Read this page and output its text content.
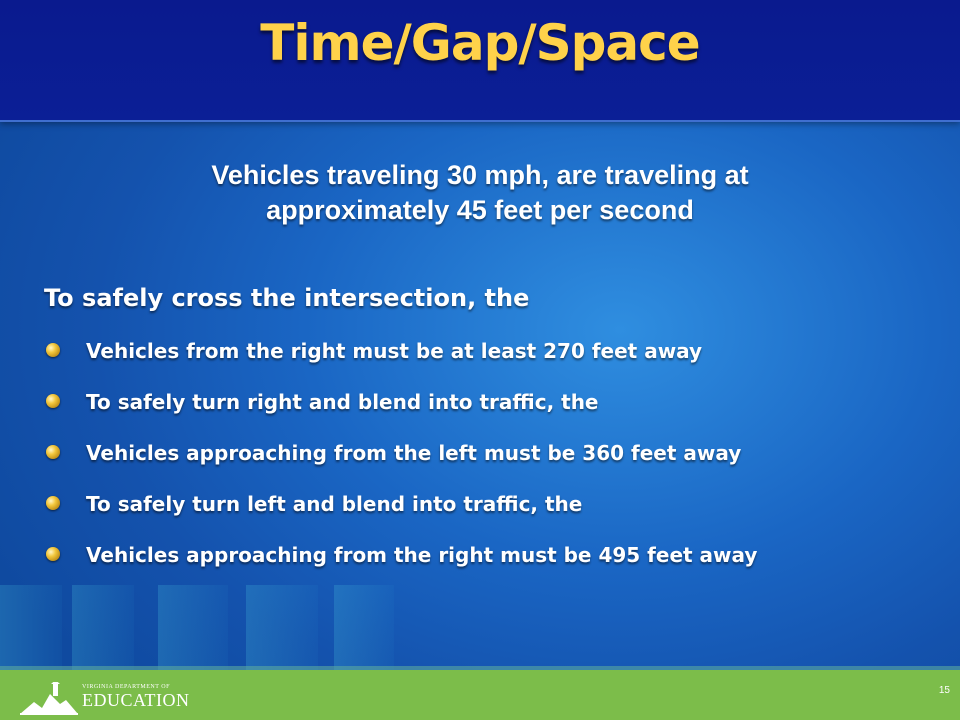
Time/Gap/Space
Vehicles traveling 30 mph, are traveling at
approximately 45 feet per second
To safely cross the intersection, the
Vehicles from the right must be at least 270 feet away
To safely turn right and blend into traffic, the
Vehicles approaching from the left must be 360 feet away
To safely turn left and blend into traffic, the
Vehicles approaching from the right must be 495 feet away
VIRGINIA DEPARTMENT OF
EDUCATION	15
